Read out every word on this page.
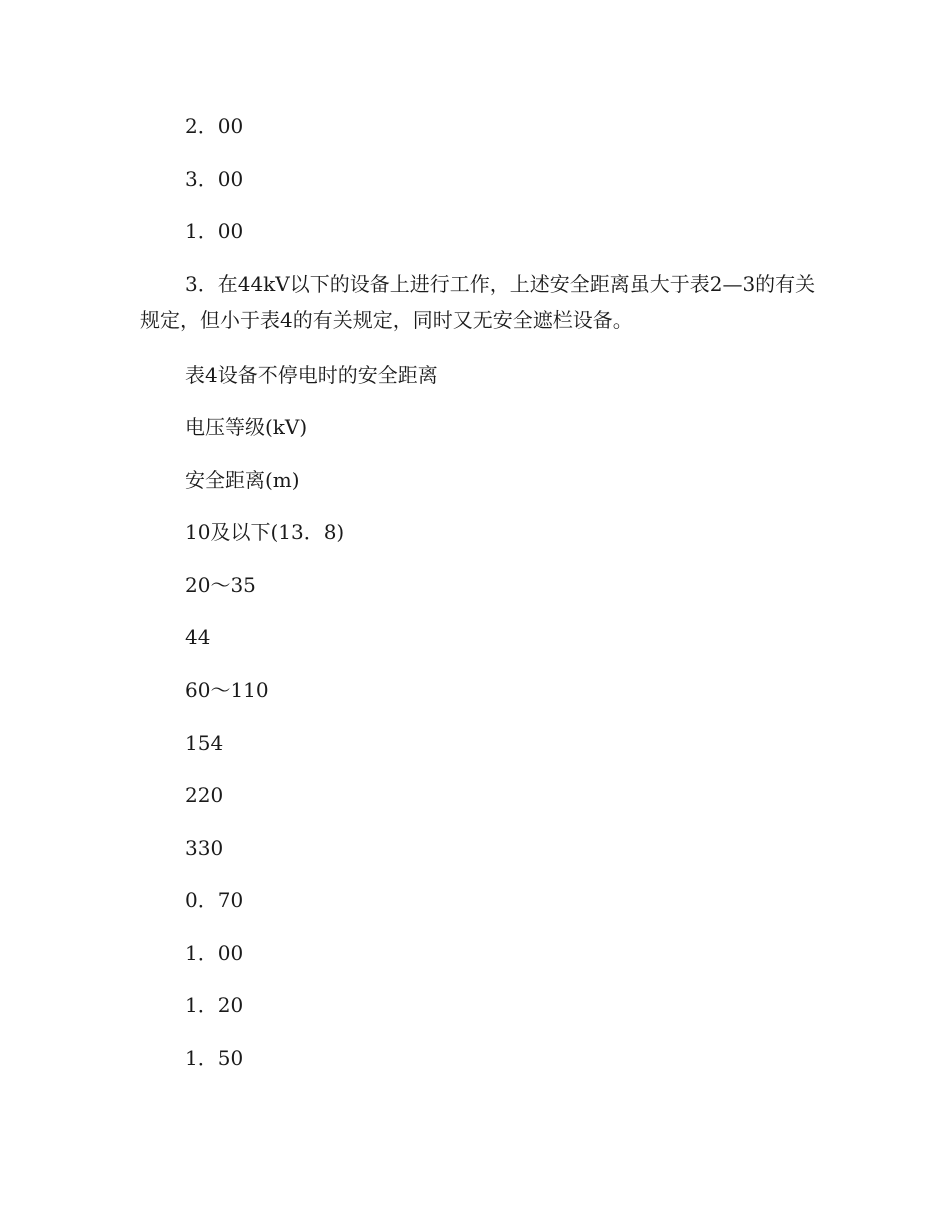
2．00

3．00

1．00

3．在44kV以下的设备上进行工作，上述安全距离虽大于表2—3的有关规定，但小于表4的有关规定，同时又无安全遮栏设备。

表4设备不停电时的安全距离

电压等级(kV)

安全距离(m)

10及以下(13．8)

20～35

44

60～110

154

220

330

0．70

1．00

1．20

1．50
